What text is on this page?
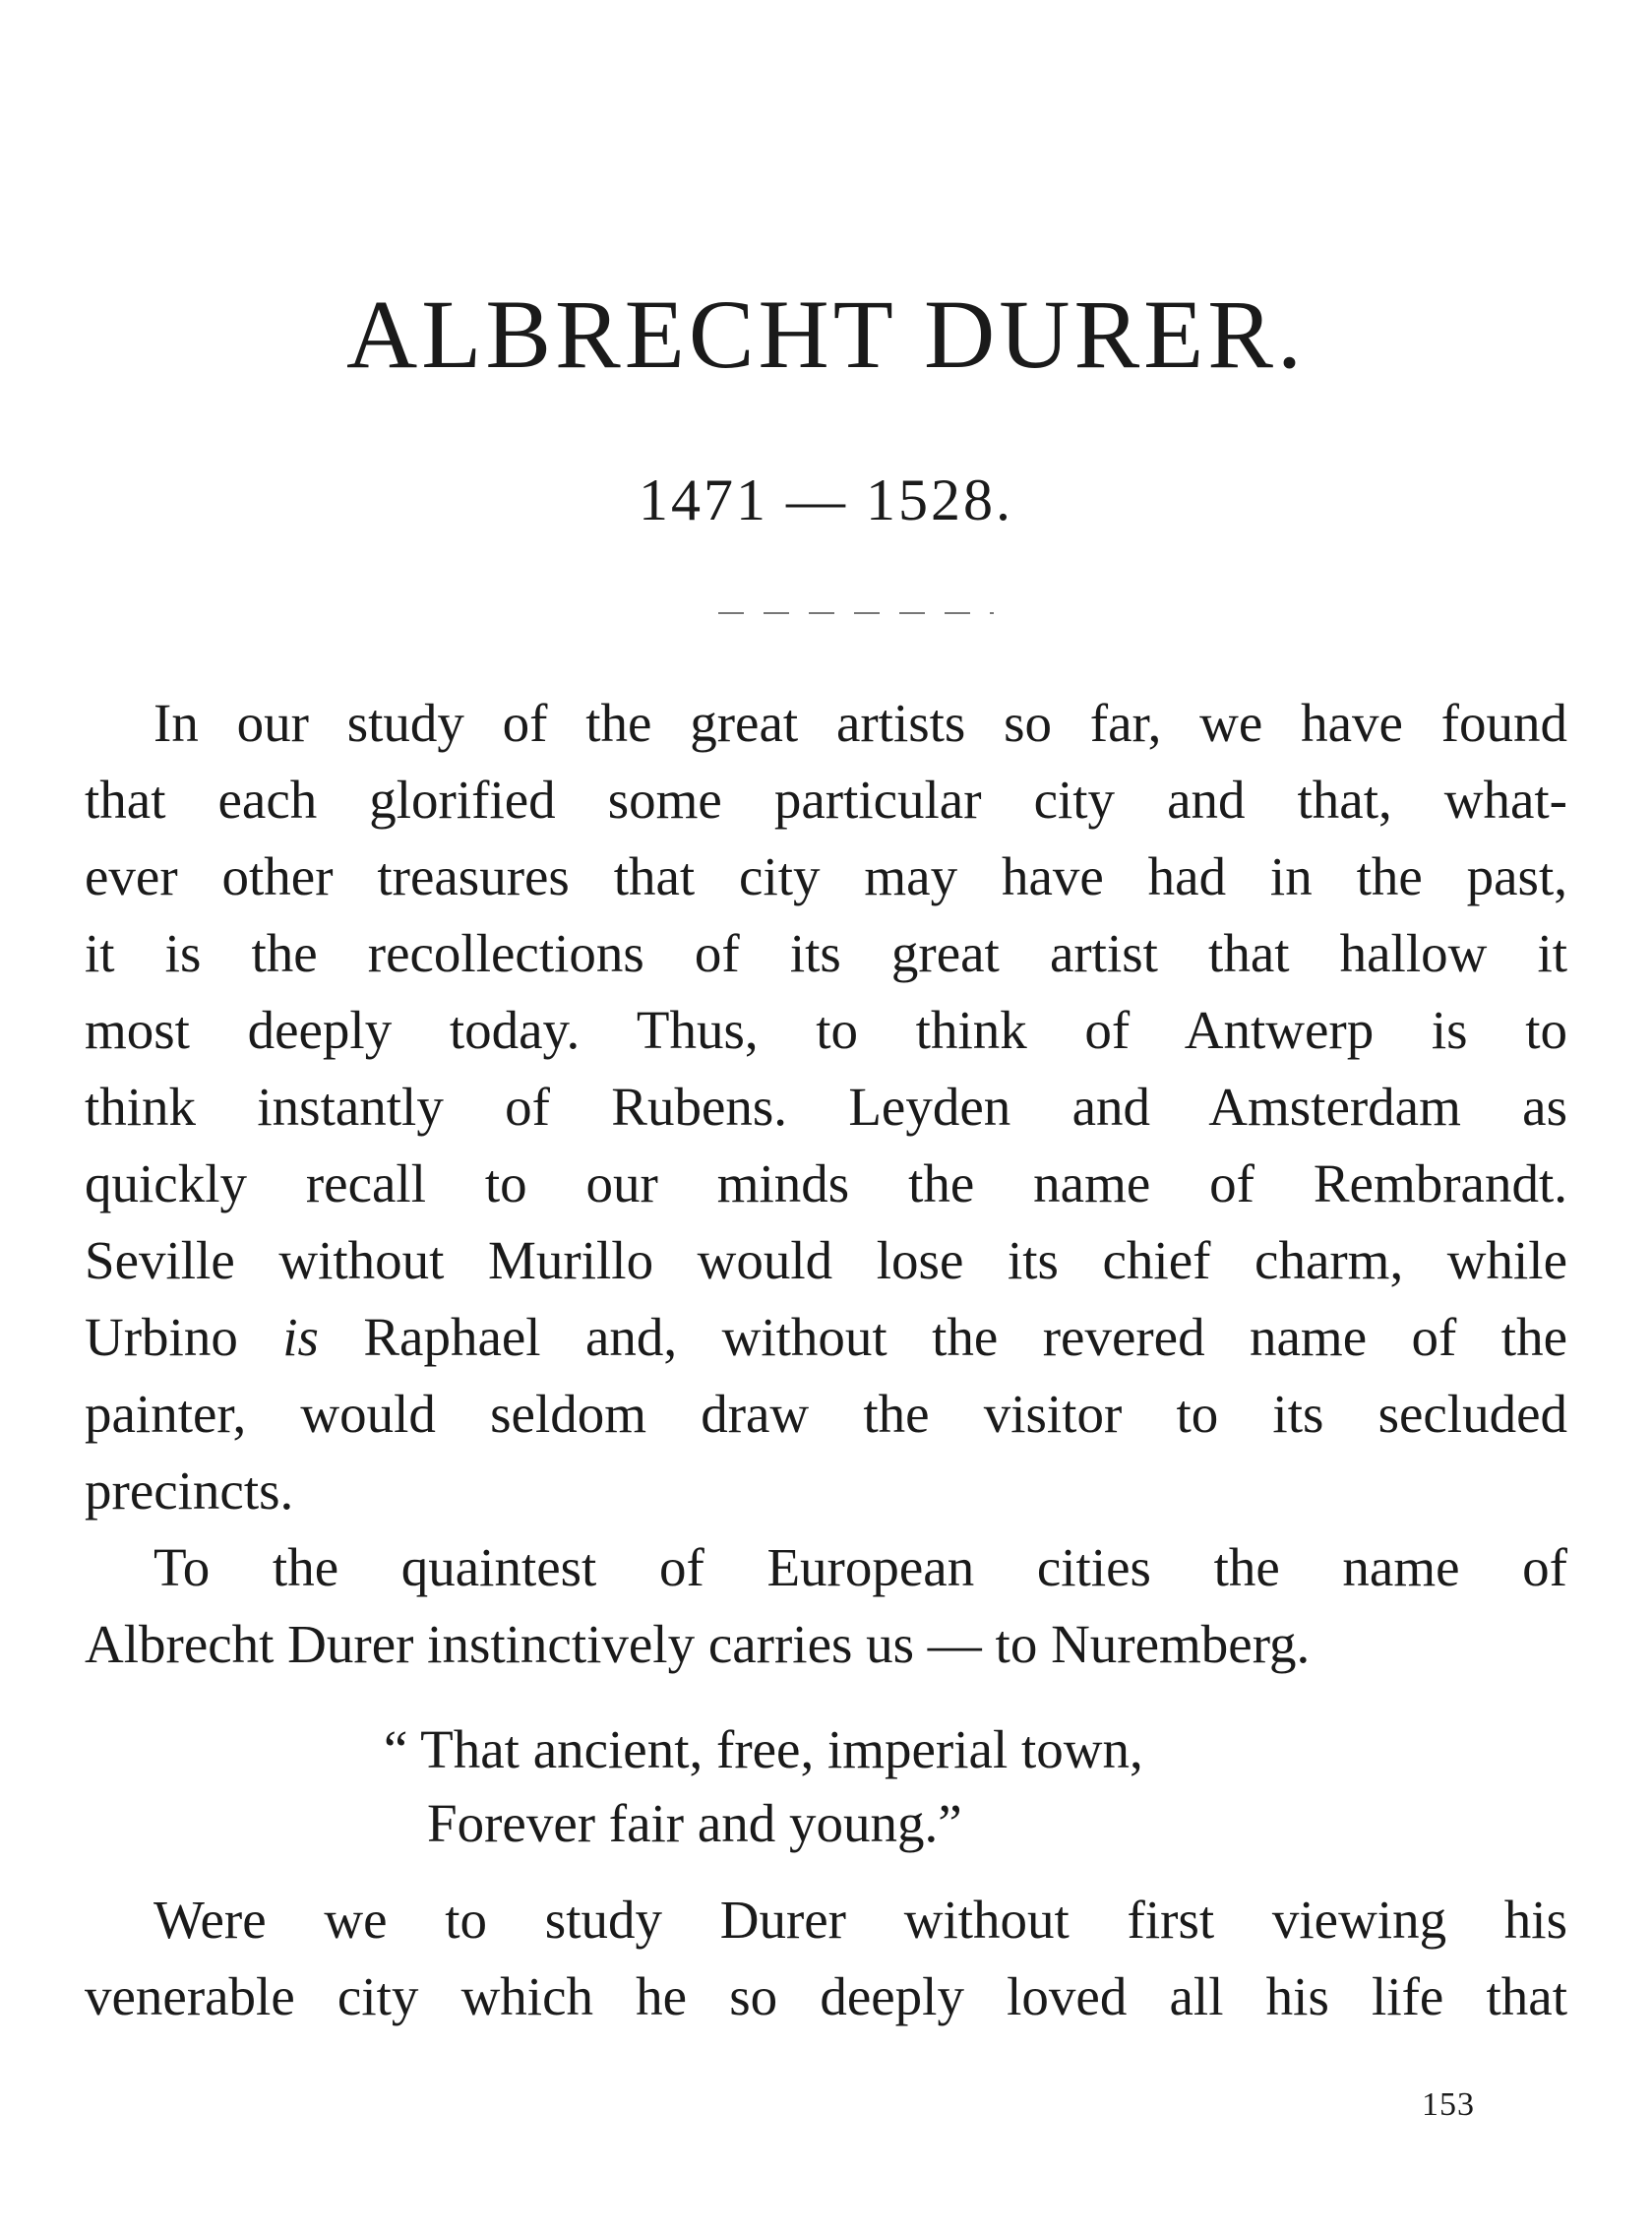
ALBRECHT DURER.
1471 — 1528.
In our study of the great artists so far, we have found
that each glorified some particular city and that, what-
ever other treasures that city may have had in the past,
it is the recollections of its great artist that hallow it
most deeply today. Thus, to think of Antwerp is to
think instantly of Rubens. Leyden and Amsterdam as
quickly recall to our minds the name of Rembrandt.
Seville without Murillo would lose its chief charm, while
Urbino is Raphael and, without the revered name of the
painter, would seldom draw the visitor to its secluded
precincts.
To the quaintest of European cities the name of
Albrecht Durer instinctively carries us — to Nuremberg.
“ That ancient, free, imperial town,
Forever fair and young.”
Were we to study Durer without first viewing his
venerable city which he so deeply loved all his life that
153
